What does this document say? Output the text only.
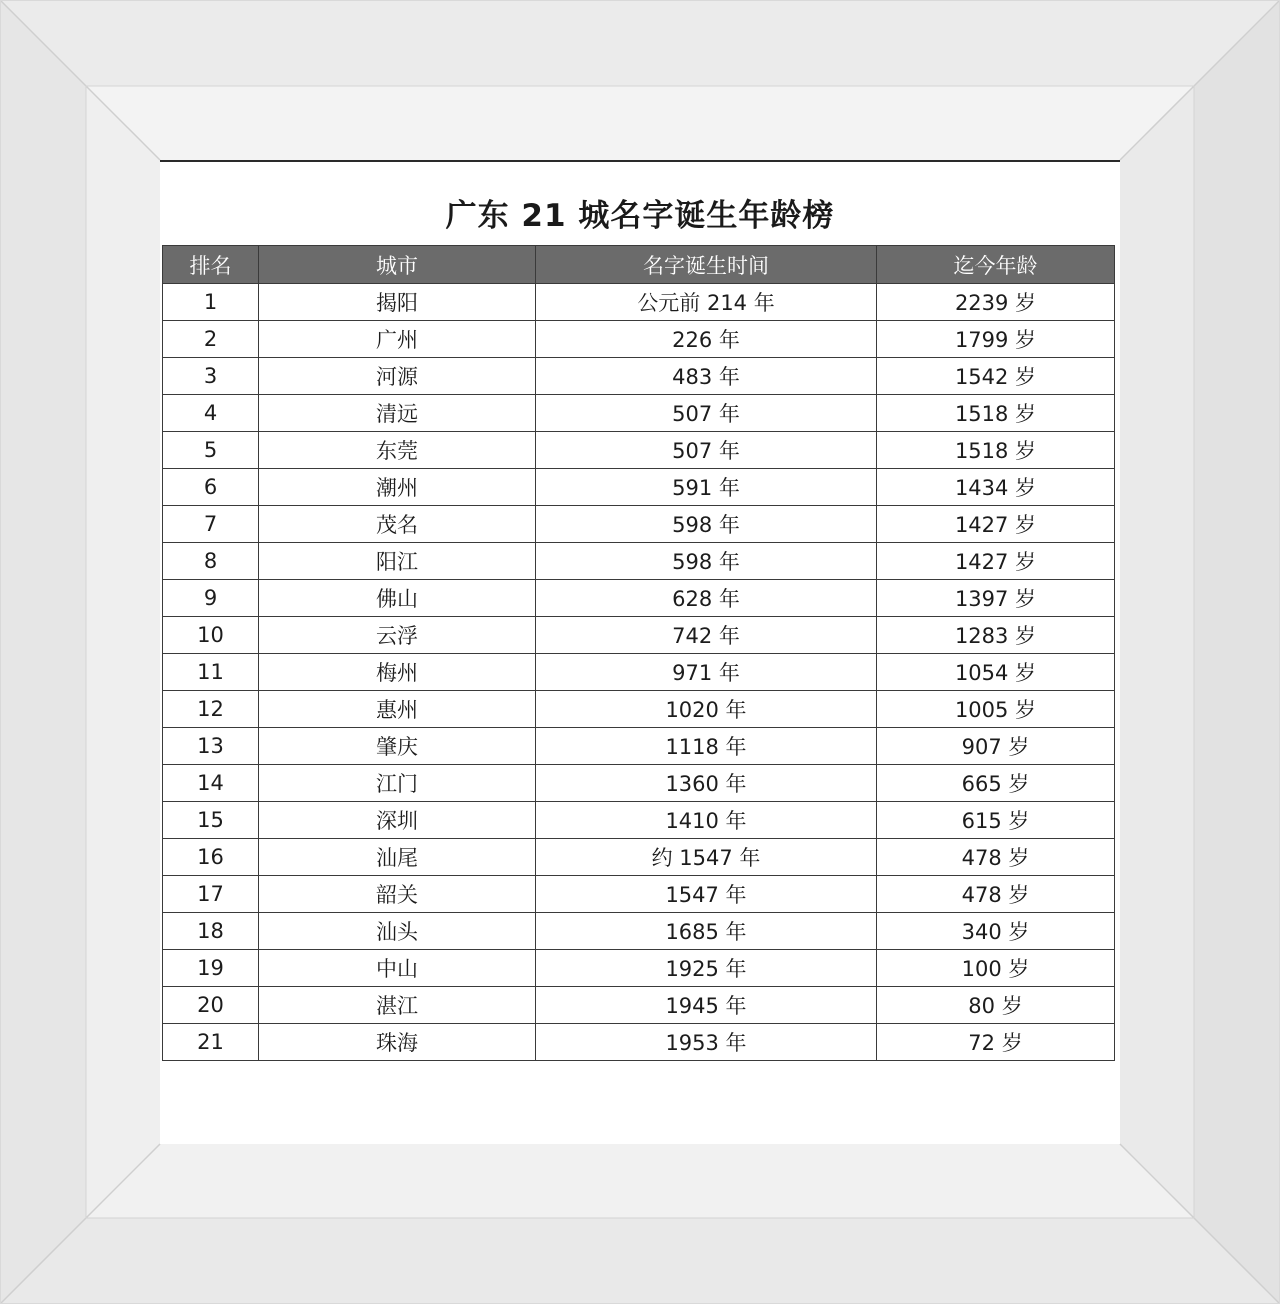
广东 21 城名字诞生年龄榜
排名	城市	名字诞生时间	迄今年龄
1	揭阳	公元前 214 年	2239 岁
2	广州	226 年	1799 岁
3	河源	483 年	1542 岁
4	清远	507 年	1518 岁
5	东莞	507 年	1518 岁
6	潮州	591 年	1434 岁
7	茂名	598 年	1427 岁
8	阳江	598 年	1427 岁
9	佛山	628 年	1397 岁
10	云浮	742 年	1283 岁
11	梅州	971 年	1054 岁
12	惠州	1020 年	1005 岁
13	肇庆	1118 年	907 岁
14	江门	1360 年	665 岁
15	深圳	1410 年	615 岁
16	汕尾	约 1547 年	478 岁
17	韶关	1547 年	478 岁
18	汕头	1685 年	340 岁
19	中山	1925 年	100 岁
20	湛江	1945 年	80 岁
21	珠海	1953 年	72 岁
